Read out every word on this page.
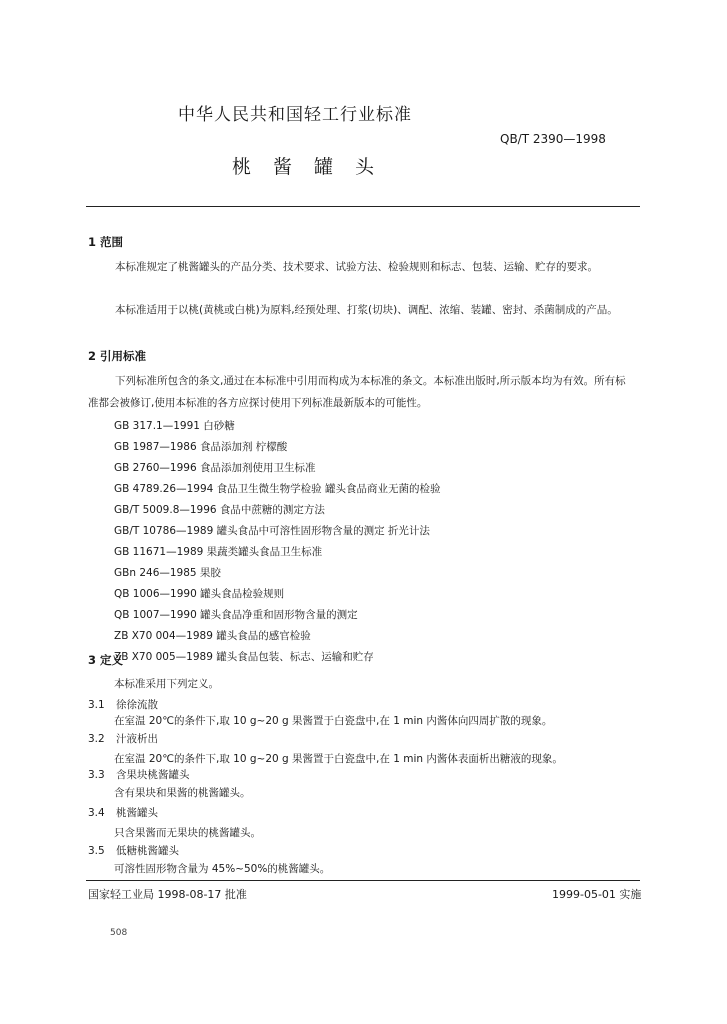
中华人民共和国轻工行业标准
QB/T 2390—1998
桃酱罐头
1 范围
本标准规定了桃酱罐头的产品分类、技术要求、试验方法、检验规则和标志、包装、运输、贮存的要求。
本标准适用于以桃(黄桃或白桃)为原料,经预处理、打浆(切块)、调配、浓缩、装罐、密封、杀菌制成的产品。
2 引用标准
下列标准所包含的条文,通过在本标准中引用而构成为本标准的条文。本标准出版时,所示版本均为有效。所有标准都会被修订,使用本标准的各方应探讨使用下列标准最新版本的可能性。
GB 317.1—1991 白砂糖
GB 1987—1986 食品添加剂 柠檬酸
GB 2760—1996 食品添加剂使用卫生标准
GB 4789.26—1994 食品卫生微生物学检验 罐头食品商业无菌的检验
GB/T 5009.8—1996 食品中蔗糖的测定方法
GB/T 10786—1989 罐头食品中可溶性固形物含量的测定 折光计法
GB 11671—1989 果蔬类罐头食品卫生标准
GBn 246—1985 果胶
QB 1006—1990 罐头食品检验规则
QB 1007—1990 罐头食品净重和固形物含量的测定
ZB X70 004—1989 罐头食品的感官检验
ZB X70 005—1989 罐头食品包装、标志、运输和贮存
3 定义
本标准采用下列定义。
3.1 徐徐流散
在室温 20℃的条件下,取 10 g~20 g 果酱置于白瓷盘中,在 1 min 内酱体向四周扩散的现象。
3.2 汁液析出
在室温 20℃的条件下,取 10 g~20 g 果酱置于白瓷盘中,在 1 min 内酱体表面析出糖液的现象。
3.3 含果块桃酱罐头
含有果块和果酱的桃酱罐头。
3.4 桃酱罐头
国家轻工业局 1998-08-17 批准	1999-05-01 实施
508
只含果酱而无果块的桃酱罐头。
3.5 低糖桃酱罐头
可溶性固形物含量为 45%~50%的桃酱罐头。
